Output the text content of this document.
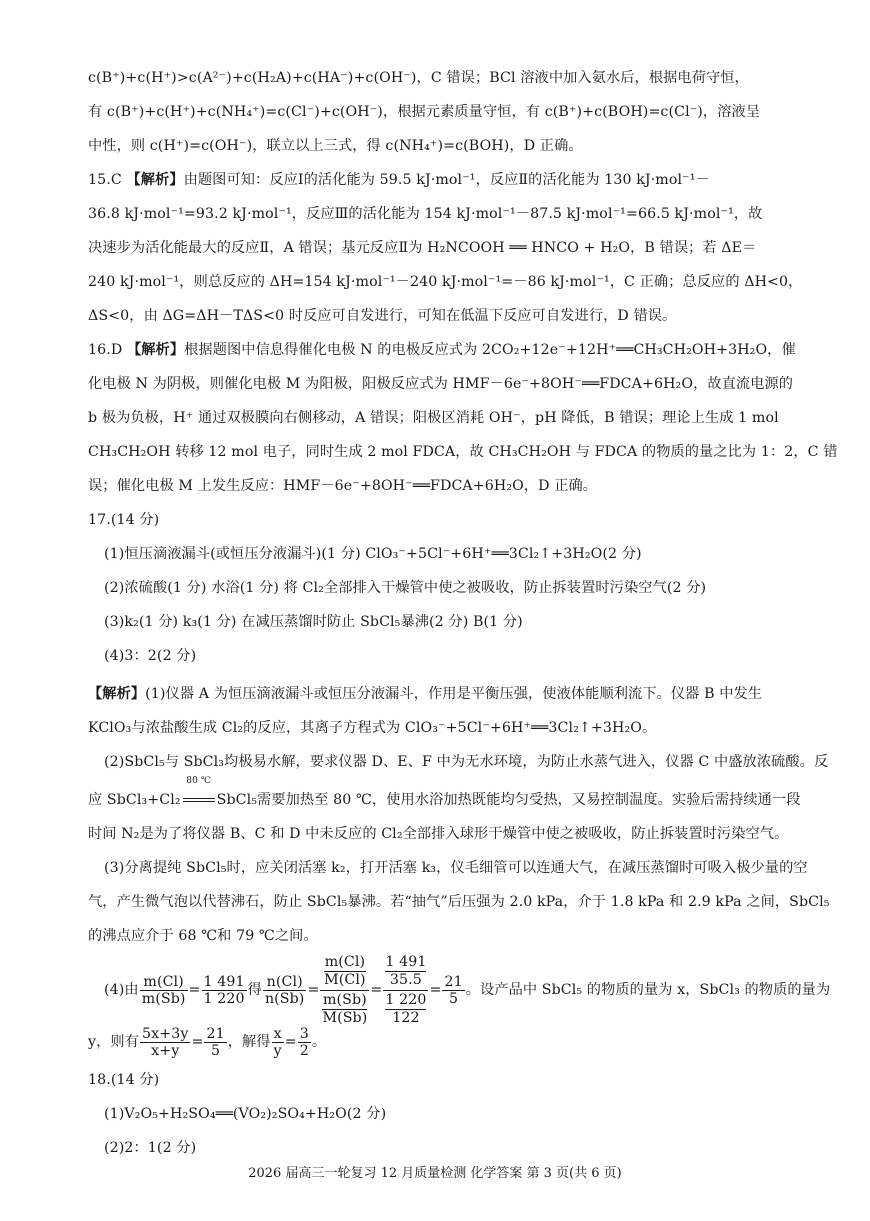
c(B⁺)+c(H⁺)>c(A²⁻)+c(H₂A)+c(HA⁻)+c(OH⁻)，C 错误；BCl 溶液中加入氨水后，根据电荷守恒，
有 c(B⁺)+c(H⁺)+c(NH₄⁺)=c(Cl⁻)+c(OH⁻)，根据元素质量守恒，有 c(B⁺)+c(BOH)=c(Cl⁻)，溶液呈
中性，则 c(H⁺)=c(OH⁻)，联立以上三式，得 c(NH₄⁺)=c(BOH)，D 正确。
15.C 【解析】由题图可知：反应Ⅰ的活化能为 59.5 kJ·mol⁻¹，反应Ⅱ的活化能为 130 kJ·mol⁻¹－
36.8 kJ·mol⁻¹=93.2 kJ·mol⁻¹，反应Ⅲ的活化能为 154 kJ·mol⁻¹－87.5 kJ·mol⁻¹=66.5 kJ·mol⁻¹，故
决速步为活化能最大的反应Ⅱ，A 错误；基元反应Ⅱ为 H₂NCOOH ══ HNCO + H₂O，B 错误；若 ΔE＝
240 kJ·mol⁻¹，则总反应的 ΔH=154 kJ·mol⁻¹－240 kJ·mol⁻¹=－86 kJ·mol⁻¹，C 正确；总反应的 ΔH<0，
ΔS<0，由 ΔG=ΔH－TΔS<0 时反应可自发进行，可知在低温下反应可自发进行，D 错误。
16.D 【解析】根据题图中信息得催化电极 N 的电极反应式为 2CO₂+12e⁻+12H⁺══CH₃CH₂OH+3H₂O，催
化电极 N 为阴极，则催化电极 M 为阳极，阳极反应式为 HMF－6e⁻+8OH⁻══FDCA+6H₂O，故直流电源的
b 极为负极，H⁺ 通过双极膜向右侧移动，A 错误；阳极区消耗 OH⁻，pH 降低，B 错误；理论上生成 1 mol
CH₃CH₂OH 转移 12 mol 电子，同时生成 2 mol FDCA，故 CH₃CH₂OH 与 FDCA 的物质的量之比为 1：2，C 错
误；催化电极 M 上发生反应：HMF－6e⁻+8OH⁻══FDCA+6H₂O，D 正确。
17.(14 分)
(1)恒压滴液漏斗(或恒压分液漏斗)(1 分) ClO₃⁻+5Cl⁻+6H⁺══3Cl₂↑+3H₂O(2 分)
(2)浓硫酸(1 分) 水浴(1 分) 将 Cl₂全部排入干燥管中使之被吸收，防止拆装置时污染空气(2 分)
(3)k₂(1 分) k₃(1 分) 在减压蒸馏时防止 SbCl₅暴沸(2 分) B(1 分)
(4)3：2(2 分)
【解析】(1)仪器 A 为恒压滴液漏斗或恒压分液漏斗，作用是平衡压强，使液体能顺利流下。仪器 B 中发生
KClO₃与浓盐酸生成 Cl₂的反应，其离子方程式为 ClO₃⁻+5Cl⁻+6H⁺══3Cl₂↑+3H₂O。
(2)SbCl₅与 SbCl₃均极易水解，要求仪器 D、E、F 中为无水环境，为防止水蒸气进入，仪器 C 中盛放浓硫酸。反
应 SbCl₃+Cl₂
80 ℃
SbCl₅需要加热至 80 ℃，使用水浴加热既能均匀受热，又易控制温度。实验后需持续通一段
时间 N₂是为了将仪器 B、C 和 D 中未反应的 Cl₂全部排入球形干燥管中使之被吸收，防止拆装置时污染空气。
(3)分离提纯 SbCl₅时，应关闭活塞 k₂，打开活塞 k₃，仪毛细管可以连通大气，在减压蒸馏时可吸入极少量的空
气，产生微气泡以代替沸石，防止 SbCl₅暴沸。若“抽气”后压强为 2.0 kPa，介于 1.8 kPa 和 2.9 kPa 之间，SbCl₅
的沸点应介于 68 ℃和 79 ℃之间。
(4)由 $\frac{m(Cl)}{m(Sb)} = \frac{1 491}{1 220}$ 得 $\frac{n(Cl)}{n(Sb)} = \frac{\frac{m(Cl)}{M(Cl)}}{\frac{m(Sb)}{M(Sb)}} = \frac{\frac{1 491}{35.5}}{\frac{1 220}{122}} = \frac{21}{5}$ 。设产品中 SbCl₅ 的物质的量为 x，SbCl₃ 的物质的量为
y，则有 $\frac{5x+3y}{x+y} = \frac{21}{5}$ ，解得 $\frac{x}{y} = \frac{3}{2}$ 。
18.(14 分)
(1)V₂O₅+H₂SO₄══(VO₂)₂SO₄+H₂O(2 分)
(2)2：1(2 分)
2026 届高三一轮复习 12 月质量检测 化学答案 第 3 页(共 6 页)
